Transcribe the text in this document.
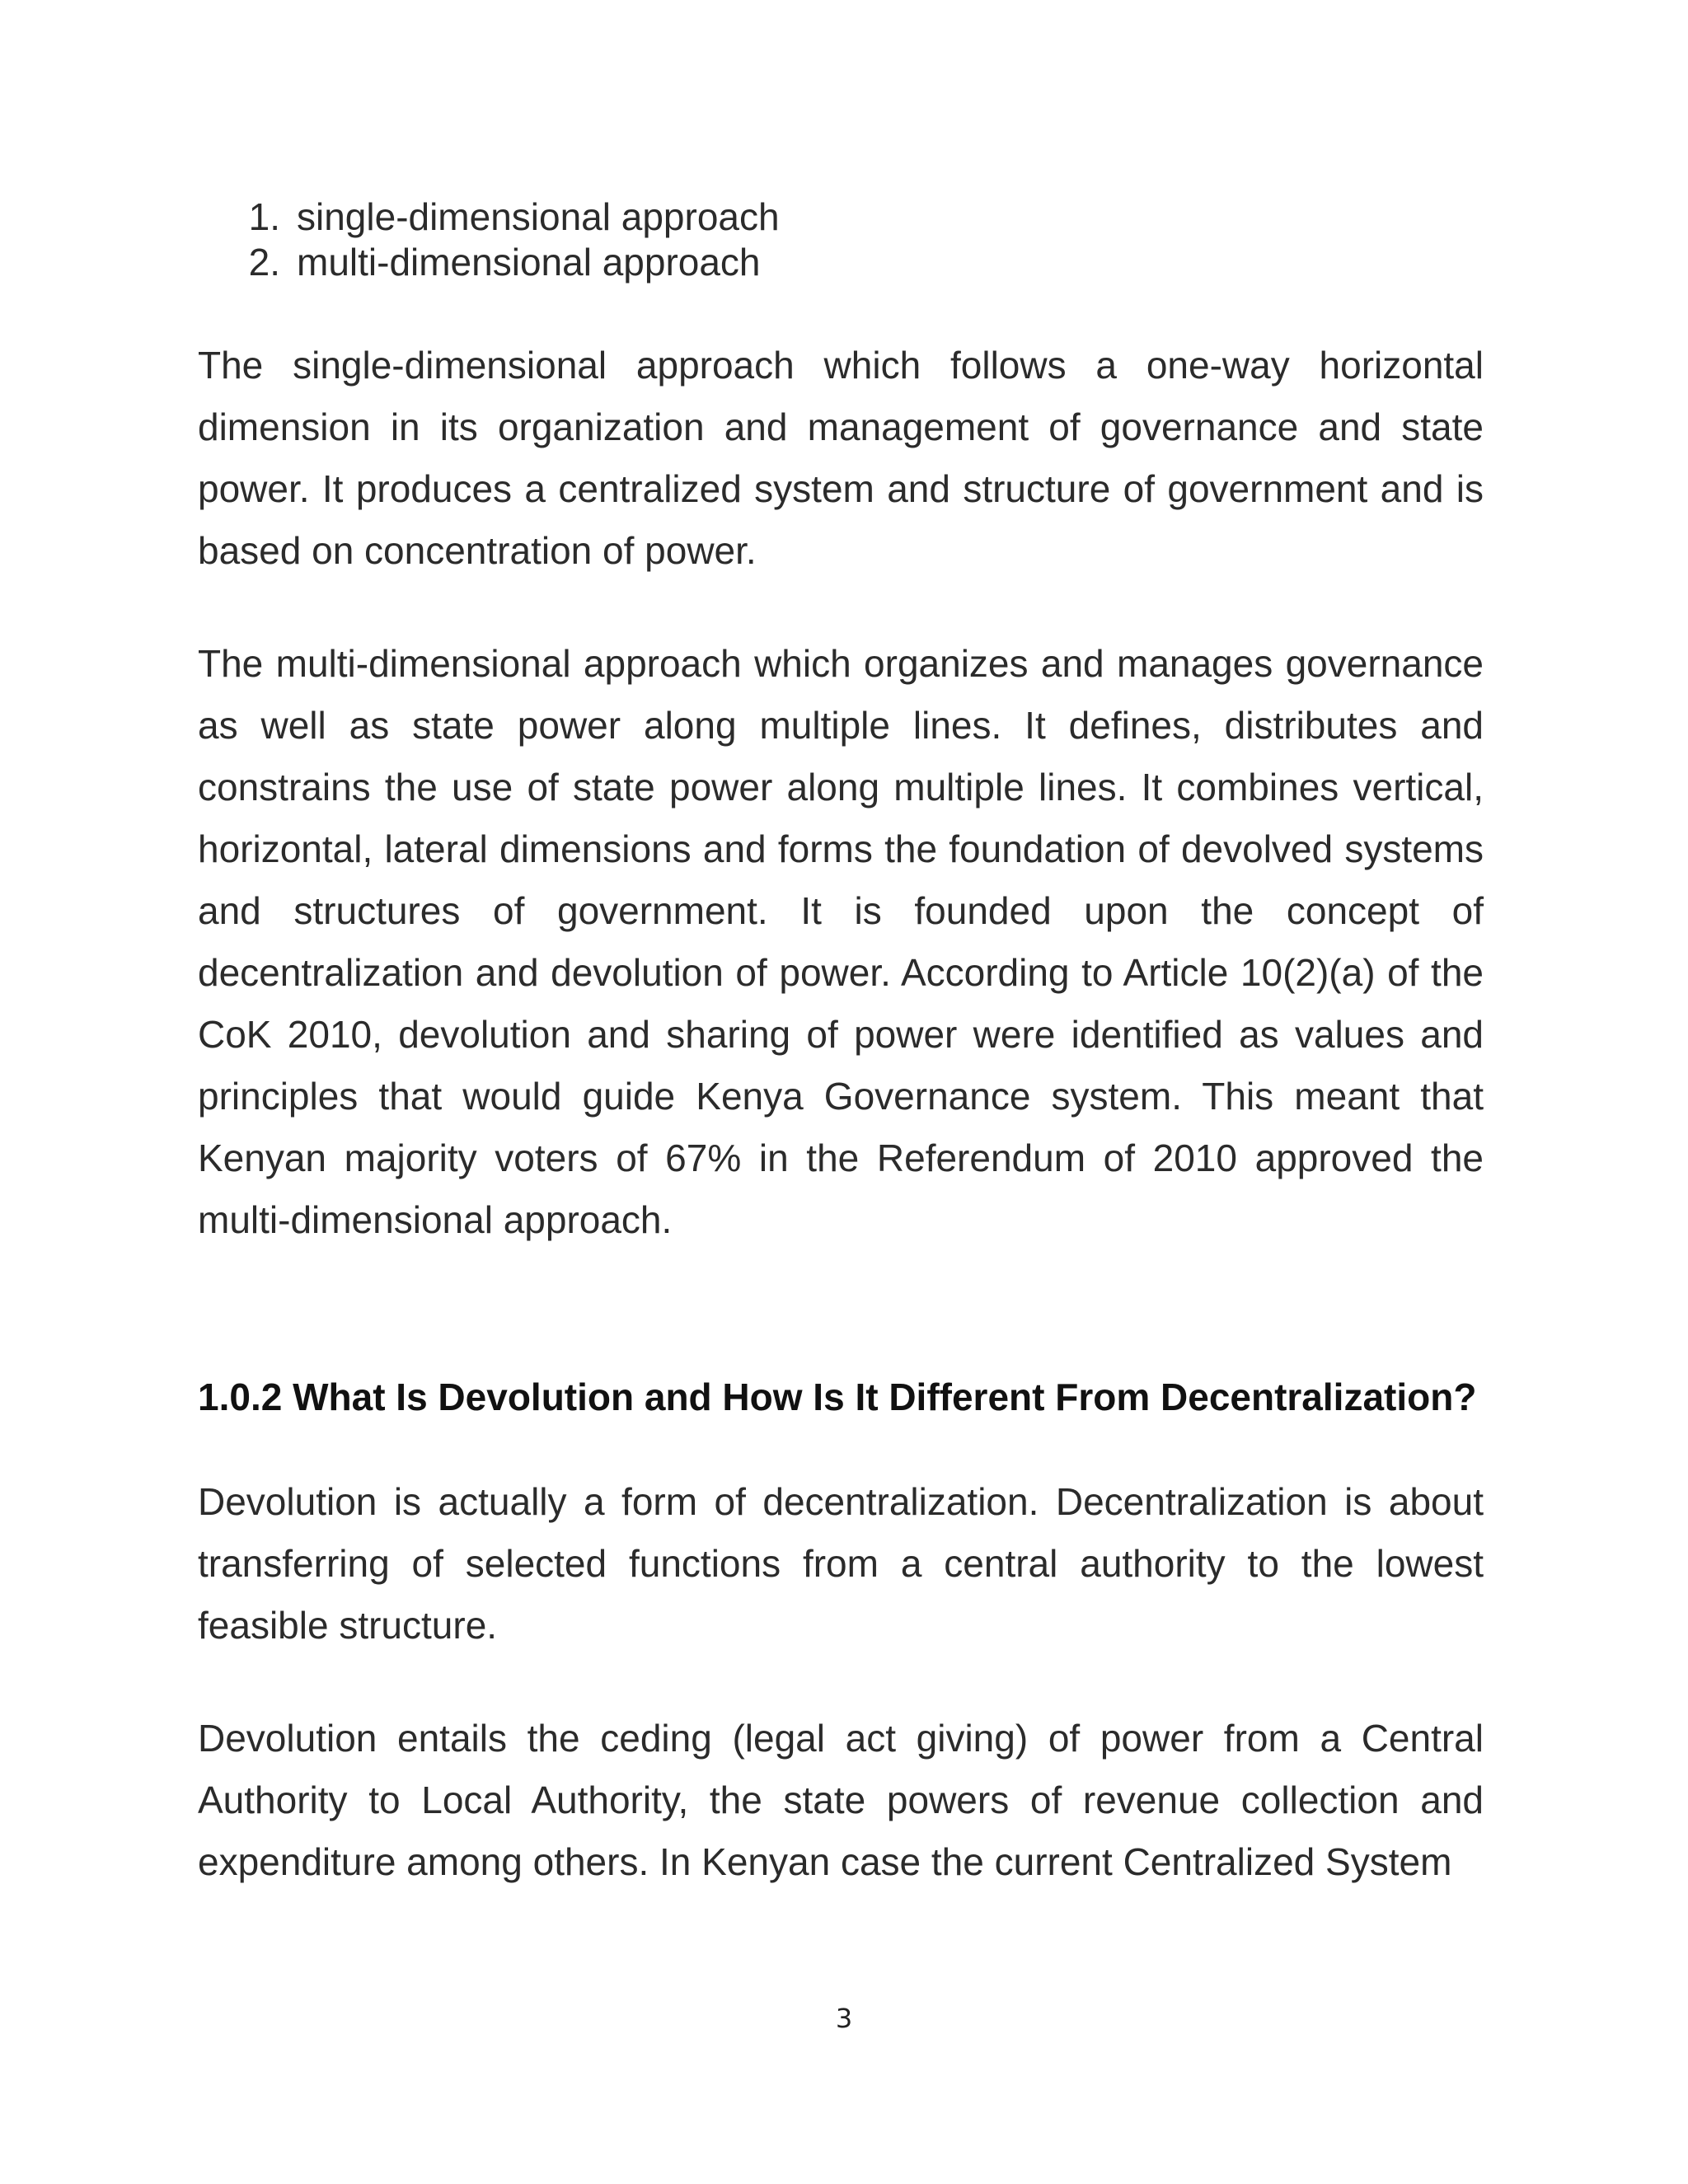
1. single-dimensional approach
2. multi-dimensional approach

The single-dimensional approach which follows a one-way horizontal dimension in its organization and management of governance and state power. It produces a centralized system and structure of government and is based on concentration of power.

The multi-dimensional approach which organizes and manages governance as well as state power along multiple lines. It defines, distributes and constrains the use of state power along multiple lines. It combines vertical, horizontal, lateral dimensions and forms the foundation of devolved systems and structures of government. It is founded upon the concept of decentralization and devolution of power. According to Article 10(2)(a) of the CoK 2010, devolution and sharing of power were identified as values and principles that would guide Kenya Governance system. This meant that Kenyan majority voters of 67% in the Referendum of 2010 approved the multi-dimensional approach.

1.0.2 What Is Devolution and How Is It Different From Decentralization?

Devolution is actually a form of decentralization. Decentralization is about transferring of selected functions from a central authority to the lowest feasible structure.

Devolution entails the ceding (legal act giving) of power from a Central Authority to Local Authority, the state powers of revenue collection and expenditure among others. In Kenyan case the current Centralized System

3
